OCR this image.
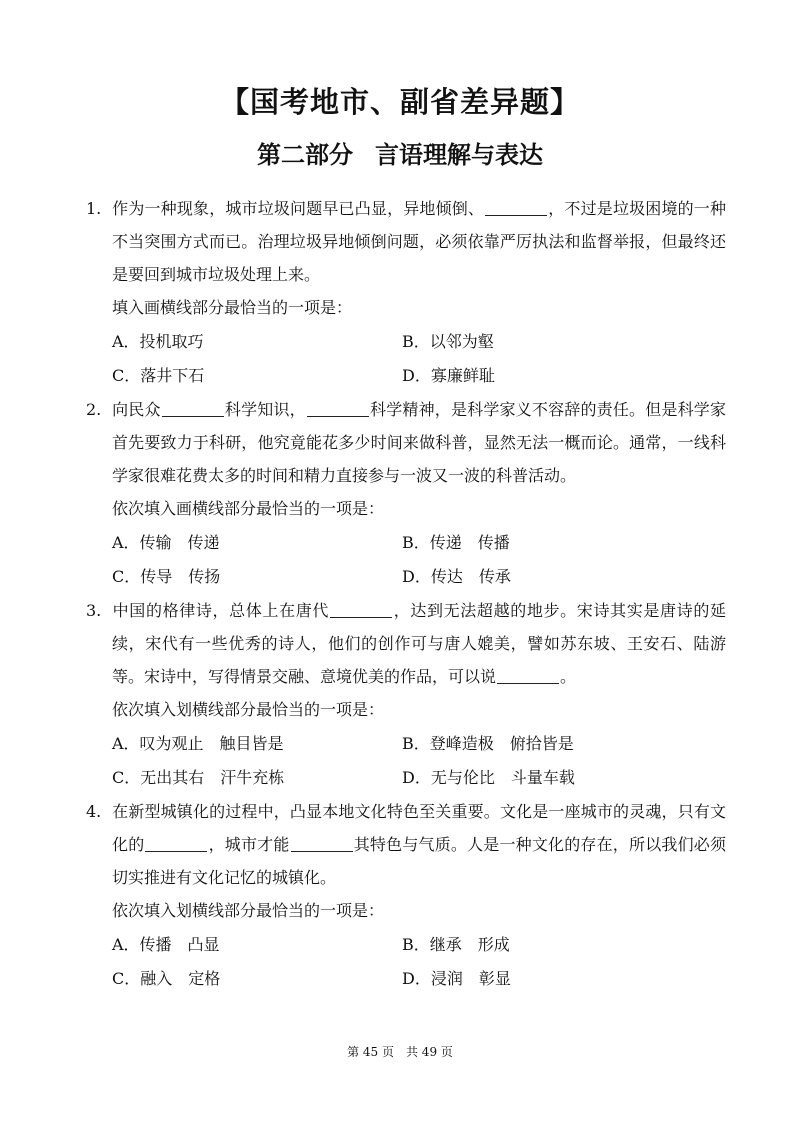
【国考地市、副省差异题】
第二部分 言语理解与表达
1. 作为一种现象，城市垃圾问题早已凸显，异地倾倒、	，不过是垃圾困境的一种不当突围方式而已。治理垃圾异地倾倒问题，必须依靠严厉执法和监督举报，但最终还是要回到城市垃圾处理上来。
填入画横线部分最恰当的一项是：
A．投机取巧	B．以邻为壑
C．落井下石	D．寡廉鲜耻
2. 向民众	科学知识，	科学精神，是科学家义不容辞的责任。但是科学家首先要致力于科研，他究竟能花多少时间来做科普，显然无法一概而论。通常，一线科学家很难花费太多的时间和精力直接参与一波又一波的科普活动。
依次填入画横线部分最恰当的一项是：
A．传输　传递	B．传递　传播
C．传导　传扬	D．传达　传承
3. 中国的格律诗，总体上在唐代	，达到无法超越的地步。宋诗其实是唐诗的延续，宋代有一些优秀的诗人，他们的创作可与唐人媲美，譬如苏东坡、王安石、陆游等。宋诗中，写得情景交融、意境优美的作品，可以说	。
依次填入划横线部分最恰当的一项是：
A．叹为观止　触目皆是	B．登峰造极　俯拾皆是
C．无出其右　汗牛充栋	D．无与伦比　斗量车载
4. 在新型城镇化的过程中，凸显本地文化特色至关重要。文化是一座城市的灵魂，只有文化的	，城市才能	其特色与气质。人是一种文化的存在，所以我们必须切实推进有文化记忆的城镇化。
依次填入划横线部分最恰当的一项是：
A．传播　凸显	B．继承　形成
C．融入　定格	D．浸润　彰显
第 45 页　共 49 页
